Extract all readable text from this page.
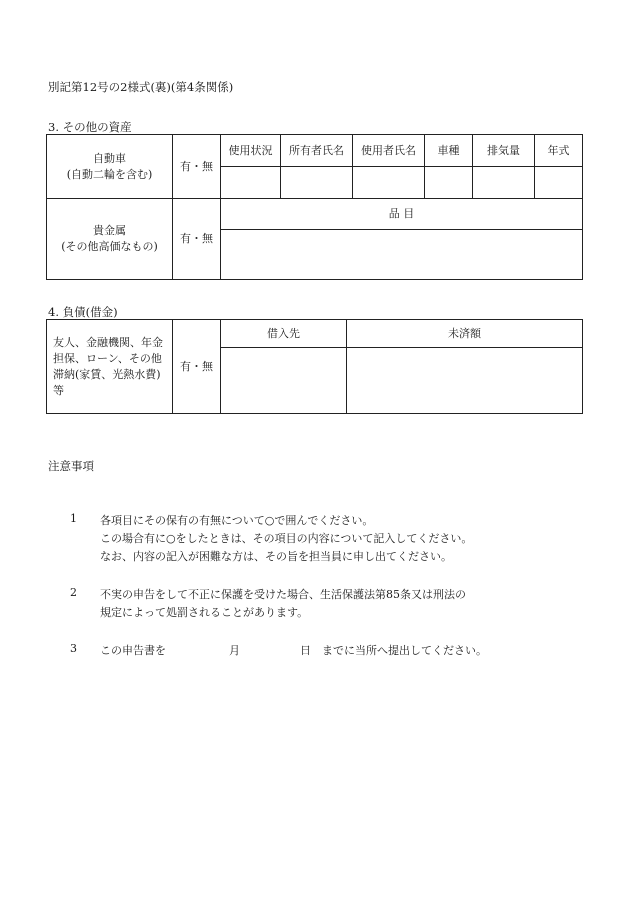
別記第12号の2様式(裏)(第4条関係)
3. その他の資産
自動車
(自動二輪を含む)	有・無	使用状況	所有者氏名	使用者氏名	車種	排気量	年式

貴金属
(その他高価なもの)	有・無	品 目					

4. 負債(借金)
友人、金融機関、年金
担保、ローン、その他
滞納(家賃、光熱水費)
等	有・無	借入先	未済額

注意事項
1 各項目にその保有の有無について○で囲んでください。
この場合有に○をしたときは、その項目の内容について記入してください。
なお、内容の記入が困難な方は、その旨を担当員に申し出てください。
2 不実の申告をして不正に保護を受けた場合、生活保護法第85条又は刑法の
規定によって処罰されることがあります。
3 この申告書を	月	日 までに当所へ提出してください。
